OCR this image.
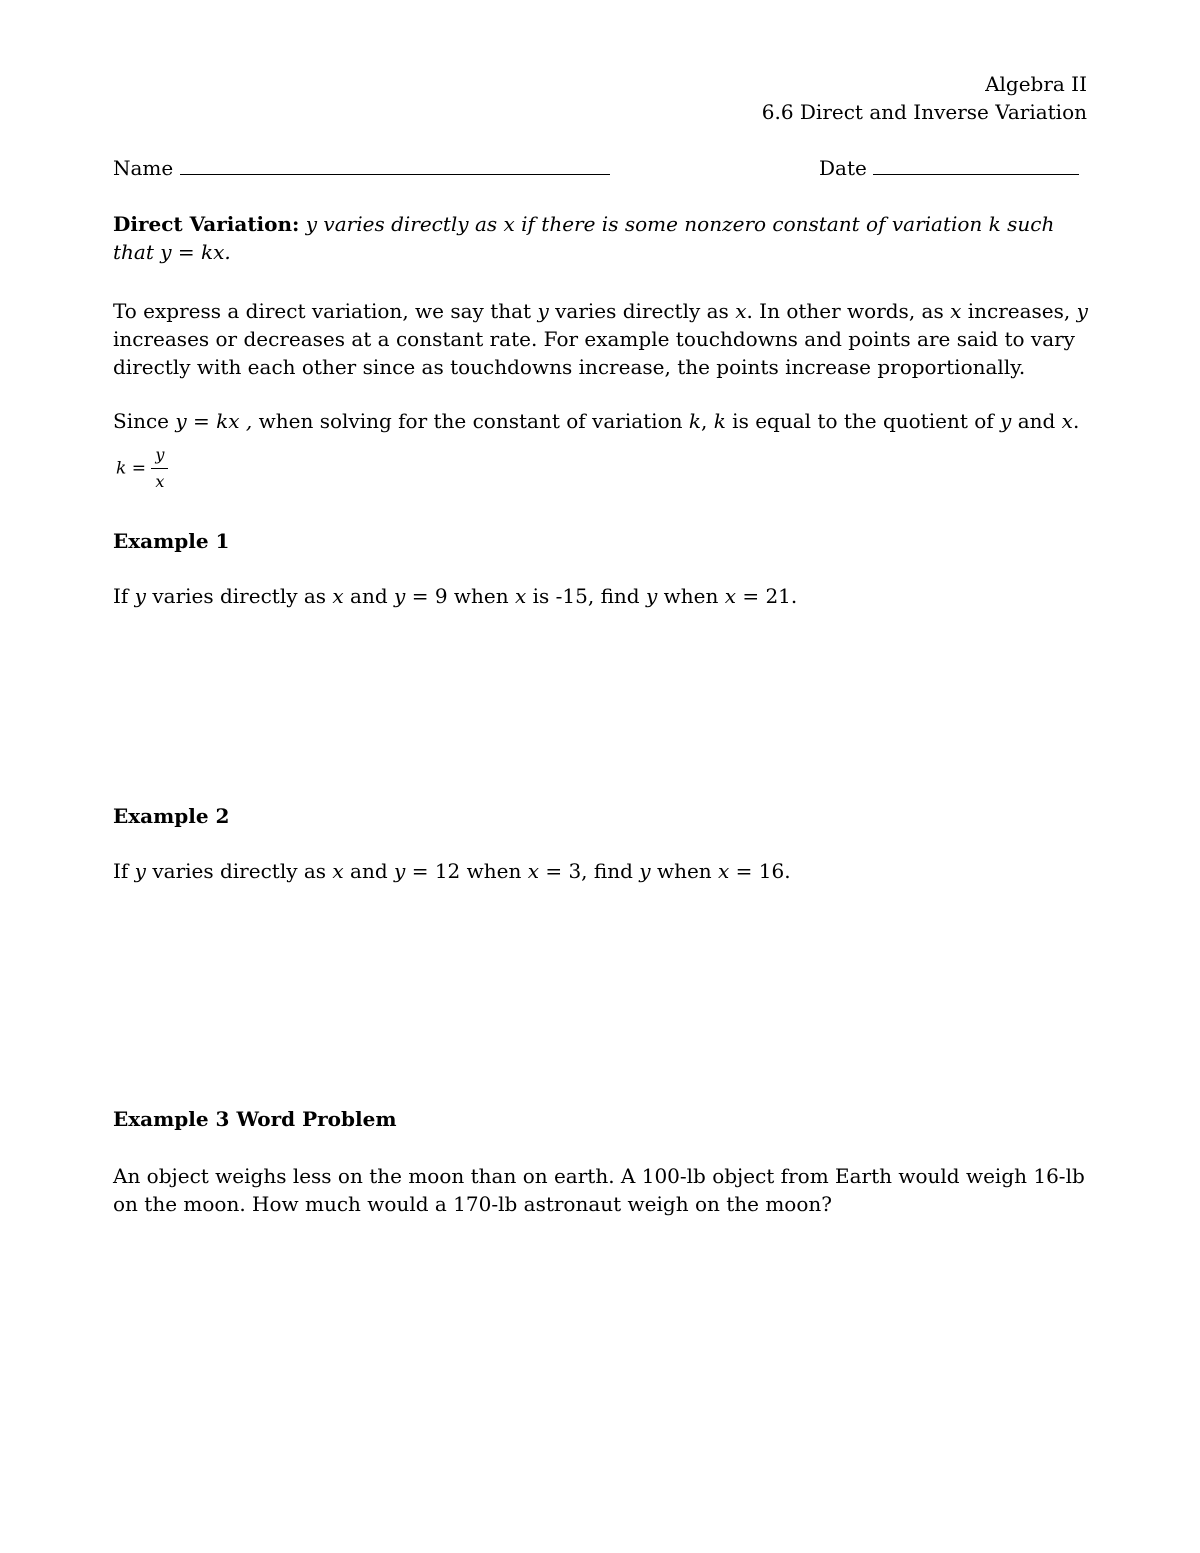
Algebra II
6.6 Direct and Inverse Variation
Name	Date
Direct Variation: y varies directly as x if there is some nonzero constant of variation k such
that y = kx.
To express a direct variation, we say that y varies directly as x. In other words, as x increases, y
increases or decreases at a constant rate. For example touchdowns and points are said to vary
directly with each other since as touchdowns increase, the points increase proportionally.
Since y = kx , when solving for the constant of variation k, k is equal to the quotient of y and x.
$k = \frac{y}{x}$
Example 1
If y varies directly as x and y = 9 when x is -15, find y when x = 21.
Example 2
If y varies directly as x and y = 12 when x = 3, find y when x = 16.
Example 3 Word Problem
An object weighs less on the moon than on earth. A 100-lb object from Earth would weigh 16-lb
on the moon. How much would a 170-lb astronaut weigh on the moon?
